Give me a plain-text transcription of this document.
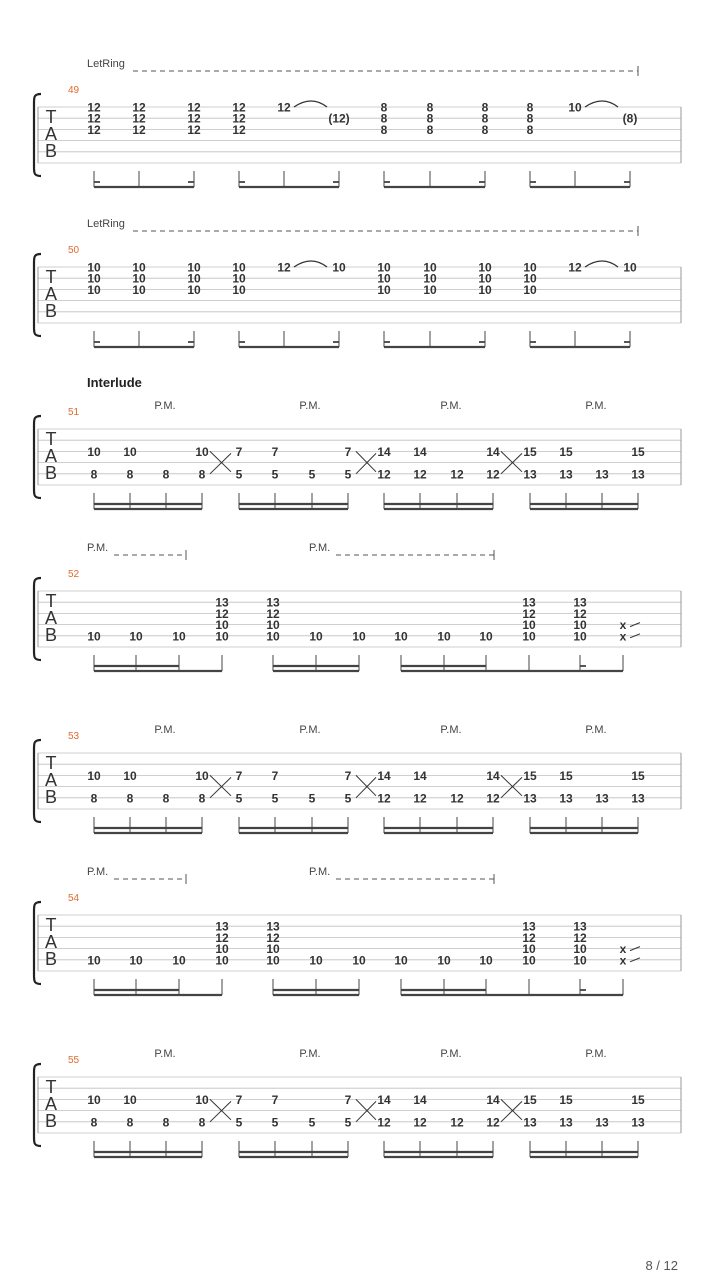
T
A
B
49
LetRing
12
12
12
12
12
12
12
12
12
12
12
12
12
(12)
8
8
8
8
8
8
8
8
8
8
8
8
10
(8)
T
A
B
50
LetRing
10
10
10
10
10
10
10
10
10
10
10
10
12	10	10
10
10
10
10
10
10
10
10
10
10
10
12	10
T
A
B
51
Interlude
P.M.	P.M.	P.M.	P.M.
10
8
10
8 8
10
8
7
5
7
5	5
7
5
14
12
14
12 12
14
12
15
13
15
13 13
15
13
T
A
B
52
P.M.	P.M.
10 10 10
13
12
10
10
13
12
10
10 10 10 10 10 10
13
12
10
10
13
12
10
10
x
x
T
A
B
53
P.M.	P.M.	P.M.	P.M.
10
8
10
8 8
10
8
7
5
7
5	5
7
5
14
12
14
12 12
14
12
15
13
15
13 13
15
13
T
A
B
54
P.M.	P.M.
10 10 10
13
12
10
10
13
12
10
10 10 10 10 10 10
13
12
10
10
13
12
10
10
x
x
T
A
B
55
P.M.	P.M.	P.M.	P.M.
10
8
10
8 8
10
8
7
5
7
5	5
7
5
14
12
14
12 12
14
12
15
13
15
13 13
15
13
8 / 12
